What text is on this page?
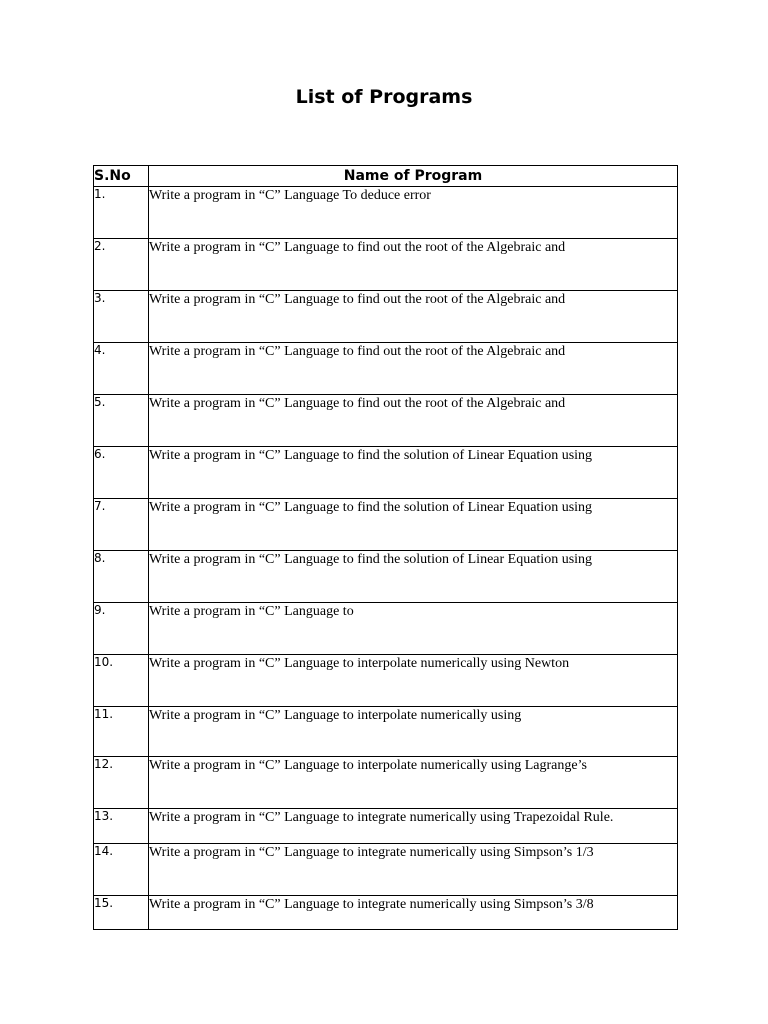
List of Programs
S.No	Name of Program
1.	Write a program in “C” Language To deduce error
2.	Write a program in “C” Language to find out the root of the Algebraic and
3.	Write a program in “C” Language to find out the root of the Algebraic and
4.	Write a program in “C” Language to find out the root of the Algebraic and
5.	Write a program in “C” Language to find out the root of the Algebraic and
6.	Write a program in “C” Language to find the solution of Linear Equation using
7.	Write a program in “C” Language to find the solution of Linear Equation using
8.	Write a program in “C” Language to find the solution of Linear Equation using
9.	Write a program in “C” Language to
10.	Write a program in “C” Language to interpolate numerically using Newton
11.	Write a program in “C” Language to interpolate numerically using
12.	Write a program in “C” Language to interpolate numerically using Lagrange’s
13.	Write a program in “C” Language to integrate numerically using Trapezoidal Rule.
14.	Write a program in “C” Language to integrate numerically using Simpson’s 1/3
15.	Write a program in “C” Language to integrate numerically using Simpson’s 3/8
